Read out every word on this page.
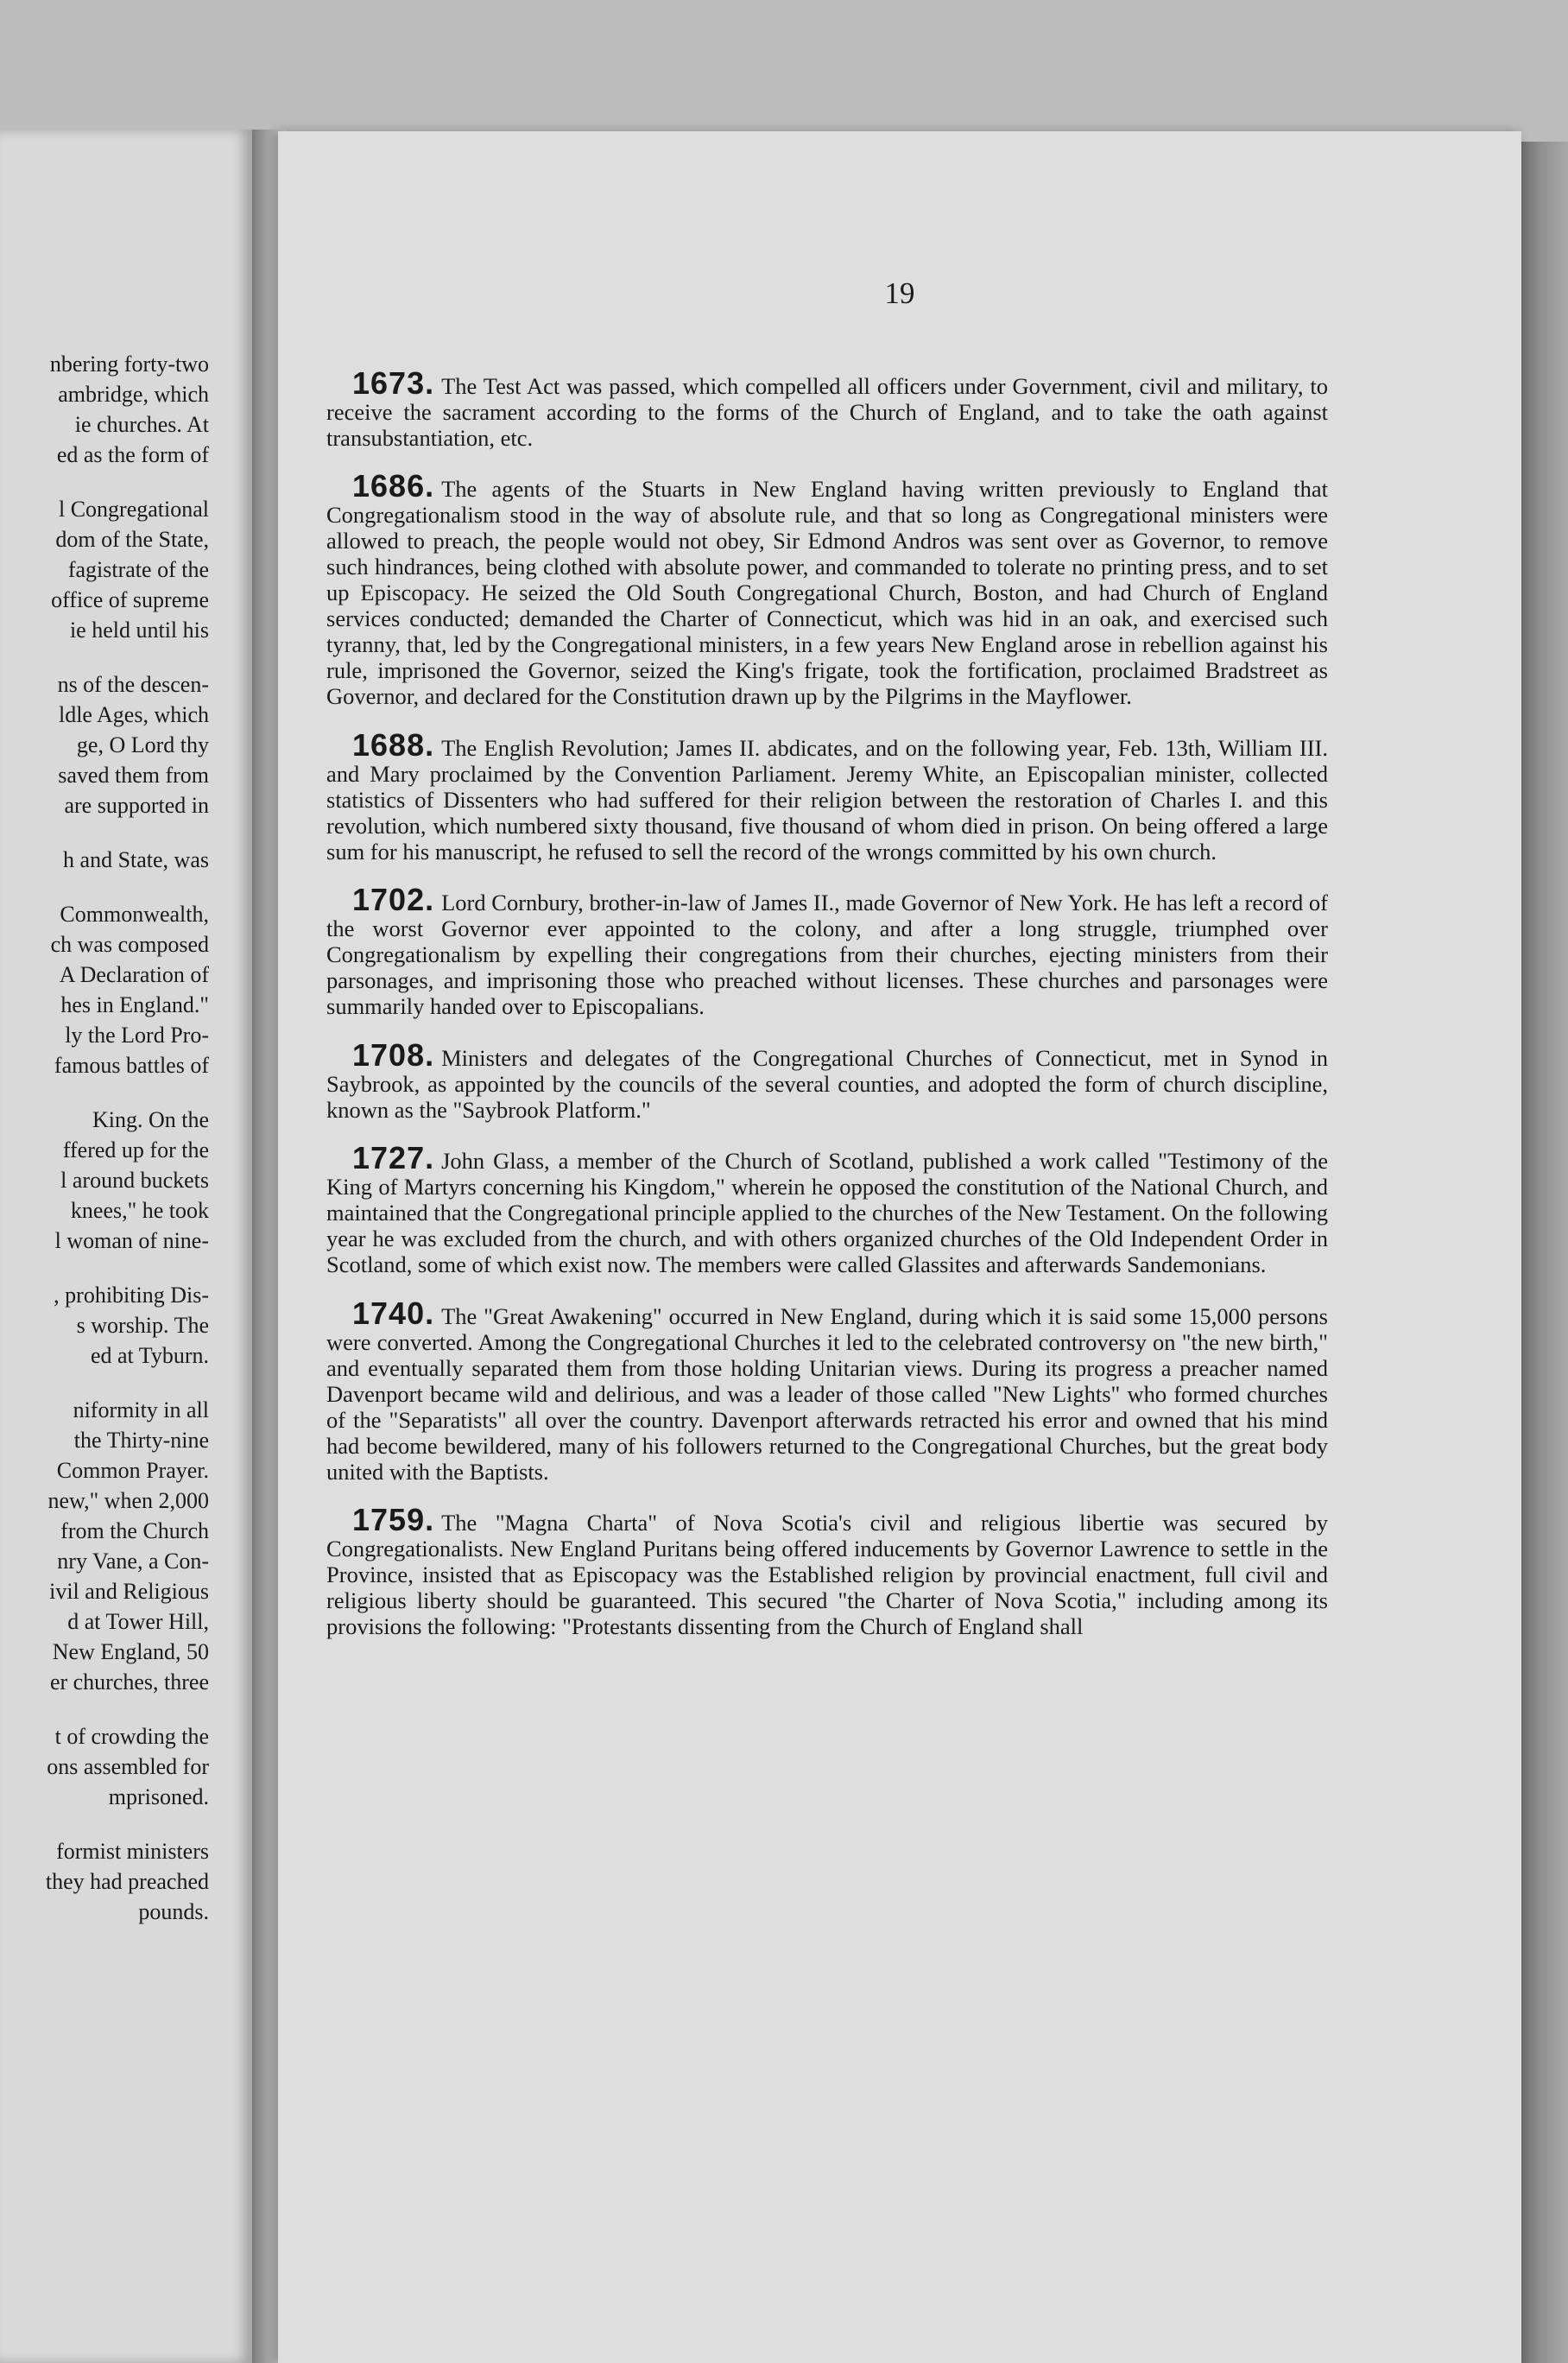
nbering forty-two
ambridge, which
ie churches. At
ed as the form of
l Congregational
dom of the State,
fagistrate of the
office of supreme
ie held until his
ns of the descen-
ldle Ages, which
ge, O Lord thy
saved them from
are supported in
h and State, was
Commonwealth,
ch was composed
A Declaration of
hes in England."
ly the Lord Pro-
famous battles of
King. On the
ffered up for the
l around buckets
knees," he took
l woman of nine-
, prohibiting Dis-
s worship. The
ed at Tyburn.
niformity in all
the Thirty-nine
Common Prayer.
new," when 2,000
from the Church
nry Vane, a Con-
ivil and Religious
d at Tower Hill,
New England, 50
er churches, three
t of crowding the
ons assembled for
mprisoned.
formist ministers
they had preached
pounds.
19

1673. The Test Act was passed, which compelled all officers under Government, civil and military, to receive the sacrament according to the forms of the Church of England, and to take the oath against transubstantiation, etc.

1686. The agents of the Stuarts in New England having written previously to England that Congregationalism stood in the way of absolute rule, and that so long as Congregational ministers were allowed to preach, the people would not obey, Sir Edmond Andros was sent over as Governor, to remove such hindrances, being clothed with absolute power, and commanded to tolerate no printing press, and to set up Episcopacy. He seized the Old South Congregational Church, Boston, and had Church of England services conducted; demanded the Charter of Connecticut, which was hid in an oak, and exercised such tyranny, that, led by the Congregational ministers, in a few years New England arose in rebellion against his rule, imprisoned the Governor, seized the King's frigate, took the fortification, proclaimed Bradstreet as Governor, and declared for the Constitution drawn up by the Pilgrims in the Mayflower.

1688. The English Revolution; James II. abdicates, and on the following year, Feb. 13th, William III. and Mary proclaimed by the Convention Parliament. Jeremy White, an Episcopalian minister, collected statistics of Dissenters who had suffered for their religion between the restoration of Charles I. and this revolution, which numbered sixty thousand, five thousand of whom died in prison. On being offered a large sum for his manuscript, he refused to sell the record of the wrongs committed by his own church.

1702. Lord Cornbury, brother-in-law of James II., made Governor of New York. He has left a record of the worst Governor ever appointed to the colony, and after a long struggle, triumphed over Congregationalism by expelling their congregations from their churches, ejecting ministers from their parsonages, and imprisoning those who preached without licenses. These churches and parsonages were summarily handed over to Episcopalians.

1708. Ministers and delegates of the Congregational Churches of Connecticut, met in Synod in Saybrook, as appointed by the councils of the several counties, and adopted the form of church discipline, known as the "Saybrook Platform."

1727. John Glass, a member of the Church of Scotland, published a work called "Testimony of the King of Martyrs concerning his Kingdom," wherein he opposed the constitution of the National Church, and maintained that the Congregational principle applied to the churches of the New Testament. On the following year he was excluded from the church, and with others organized churches of the Old Independent Order in Scotland, some of which exist now. The members were called Glassites and afterwards Sandemonians.

1740. The "Great Awakening" occurred in New England, during which it is said some 15,000 persons were converted. Among the Congregational Churches it led to the celebrated controversy on "the new birth," and eventually separated them from those holding Unitarian views. During its progress a preacher named Davenport became wild and delirious, and was a leader of those called "New Lights" who formed churches of the "Separatists" all over the country. Davenport afterwards retracted his error and owned that his mind had become bewildered, many of his followers returned to the Congregational Churches, but the great body united with the Baptists.

1759. The "Magna Charta" of Nova Scotia's civil and religious libertie was secured by Congregationalists. New England Puritans being offered inducements by Governor Lawrence to settle in the Province, insisted that as Episcopacy was the Established religion by provincial enactment, full civil and religious liberty should be guaranteed. This secured "the Charter of Nova Scotia," including among its provisions the following: "Protestants dissenting from the Church of England shall
